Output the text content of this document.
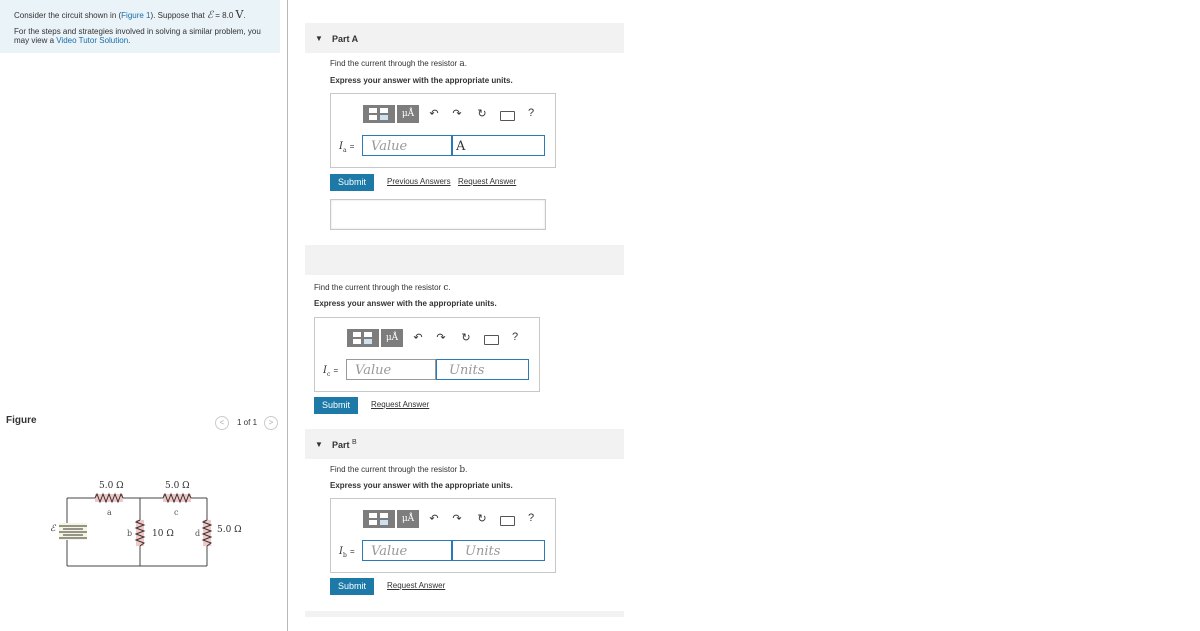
Consider the circuit shown in (Figure 1). Suppose that ℰ = 8.0 V.
For the steps and strategies involved in solving a similar problem, you may view a Video Tutor Solution.
Figure	<	1 of 1	>
5.0 Ω
a
5.0 Ω
c
b 10 Ω	d 5.0 Ω
ℰ
▼ Part A
Find the current through the resistor a.
Express your answer with the appropriate units.
μÅ	↶ ↷ ↻	?
$I_a$ =	Value	A
Submit	Previous Answers Request Answer
Find the current through the resistor c.
Express your answer with the appropriate units.
μÅ	↶ ↷ ↻	?
$I_c$ =	Value	Units
Submit	Request Answer
▼ Part $^B$
Find the current through the resistor b.
Express your answer with the appropriate units.
μÅ	↶ ↷ ↻	?
$I_b$ =	Value	Units
Submit	Request Answer
